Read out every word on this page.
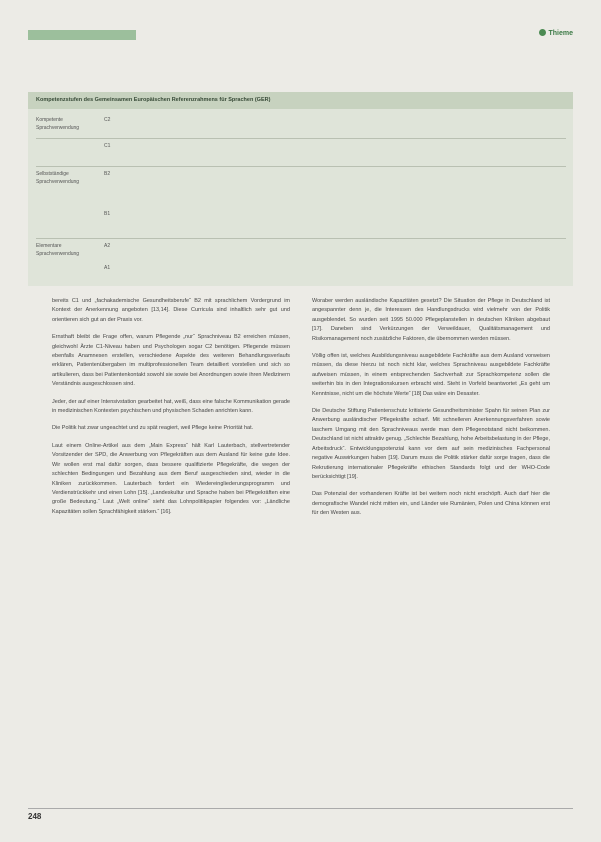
Thieme
Kompetenzstufen des Gemeinsamen Europäischen Referenzrahmens für Sprachen (GER)
Kompetente Sprachverwendung
C2
C1
Selbstständige Sprachverwendung
B2
B1
Elementare Sprachverwendung
A2
A1

bereits C1 und „fachakademische Gesundheitsberufe“ B2 mit sprachlichem Vordergrund im Kontext der Anerkennung angeboten [13,14]. Diese Curricula sind inhaltlich sehr gut und orientieren sich gut an der Praxis vor.

Ernsthaft bleibt die Frage offen, warum Pflegende „nur“ Sprachniveau B2 erreichen müssen, gleichwohl Ärzte C1-Niveau haben und Psychologen sogar C2 benötigen. Pflegende müssen ebenfalls Anamnesen erstellen, verschiedene Aspekte des weiteren Behandlungsverlaufs erklären, Patientenübergaben im multiprofessionellen Team detailliert vorstellen und sich so artikulieren, dass bei Patientenkontakt sowohl sie sowie bei Anordnungen sowie ihren Medizinern Verständnis ausgeschlossen sind.

Jeder, der auf einer Intensivstation gearbeitet hat, weiß, dass eine falsche Kommunikation gerade in medizinischen Kontexten psychischen und physischen Schaden anrichten kann.

Die Politik hat zwar ungeachtet und zu spät reagiert, weil Pflege keine Priorität hat.

Laut einem Online-Artikel aus dem „Main Express“ hält Karl Lauterbach, stellvertretender Vorsitzender der SPD, die Anwerbung von Pflegekräften aus dem Ausland für keine gute Idee. Wir wollen erst mal dafür sorgen, dass bessere qualifizierte Pflegekräfte, die wegen der schlechten Bedingungen und Bezahlung aus dem Beruf ausgeschieden sind, wieder in die Kliniken zurückkommen. Lauterbach fordert ein Wiedereingliederungsprogramm und Verdienstrückkehr und einen Lohn [15]. „Landeskultur und Sprache haben bei Pflegekräften eine große Bedeutung.“ Laut „Welt online“ sieht das Lohnpolitikpapier folgendes vor: „Ländliche Kapazitäten sollen Sprachfähigkeit stärken.“ [16].

Woraber werden ausländische Kapazitäten gesetzt? Die Situation der Pflege in Deutschland ist angespannter denn je, die Interessen des Handlungsdrucks wird vielmehr von der Politik ausgeblendet. So wurden seit 1995 50.000 Pflegeplanstellen in deutschen Kliniken abgebaut [17]. Daneben sind Verkürzungen der Verweildauer, Qualitätsmanagement und Risikomanagement noch zusätzliche Faktoren, die übernommen werden müssen.

Völlig offen ist, welches Ausbildungsniveau ausgebildete Fachkräfte aus dem Ausland vorweisen müssen, da diese hierzu ist noch nicht klar, welches Sprachniveau ausgebildete Fachkräfte aufweisen müssen, in einem entsprechenden Sachverhalt zur Sprachkompetenz sollen die weiterhin bis in den Integrationskursen erbracht wird. Steht in Vorfeld beantwortet „Es geht um Kenntnisse, nicht um die höchste Werte“ [18] Das wäre ein Desaster.

Die Deutsche Stiftung Patientenschutz kritisierte Gesundheitsminister Spahn für seinen Plan zur Anwerbung ausländischer Pflegekräfte scharf. Mit schnelleren Anerkennungsverfahren sowie laschem Umgang mit den Sprachniveaus werde man dem Pflegenotstand nicht beikommen. Deutschland ist nicht attraktiv genug. „Schlechte Bezahlung, hohe Arbeitsbelastung in der Pflege, Arbeitsdruck“. Entwicklungspotenzial kann vor dem auf sein medizinisches Fachpersonal negative Auswirkungen haben [19]. Darum muss die Politik stärker dafür sorge tragen, dass die Rekrutierung internationaler Pflegekräfte ethischen Standards folgt und der WHO-Code berücksichtigt [19].

Das Potenzial der vorhandenen Kräfte ist bei weitem noch nicht erschöpft. Auch darf hier die demografische Wandel nicht mitten ein, und Länder wie Rumänien, Polen und China können erst für den Westen aus.

248
